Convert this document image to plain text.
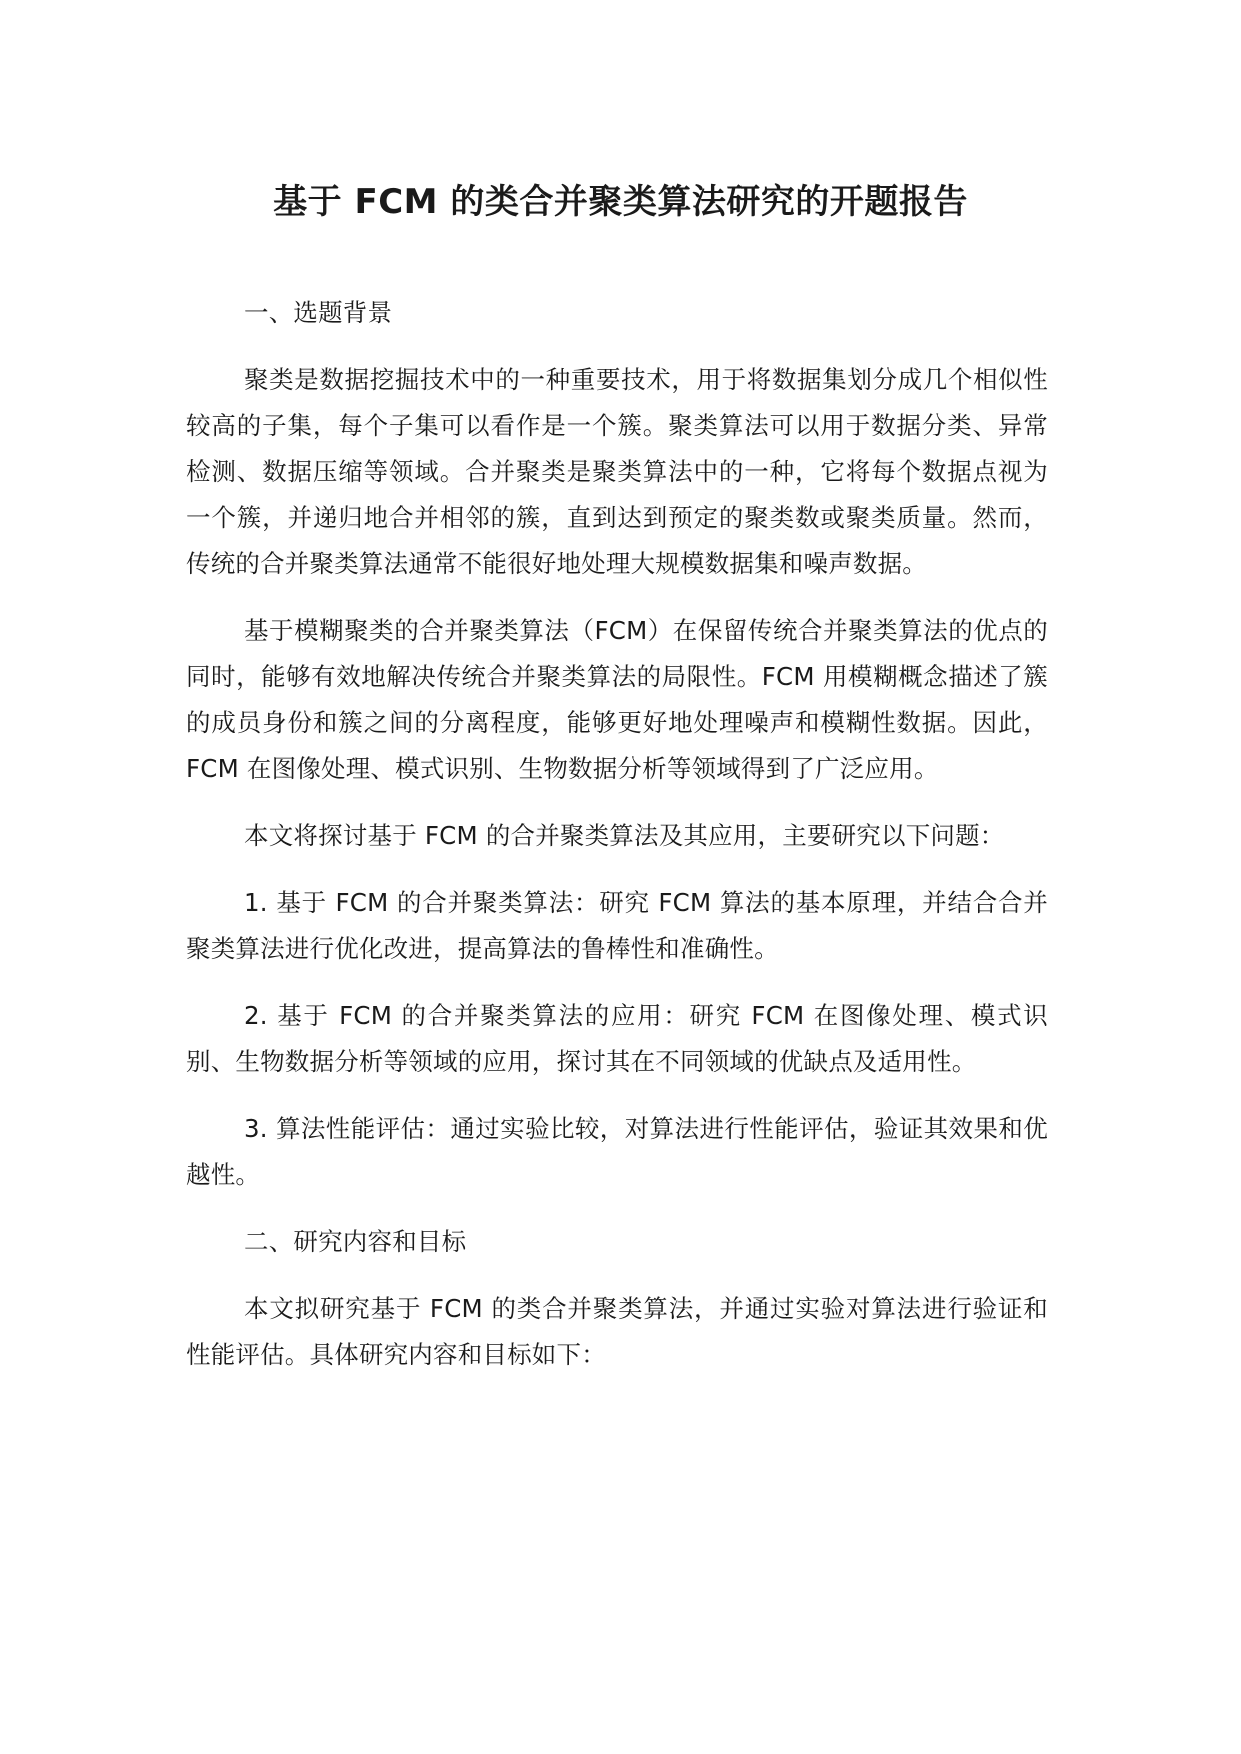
基于 FCM 的类合并聚类算法研究的开题报告

一、选题背景

聚类是数据挖掘技术中的一种重要技术，用于将数据集划分成几个相似性较高的子集，每个子集可以看作是一个簇。聚类算法可以用于数据分类、异常检测、数据压缩等领域。合并聚类是聚类算法中的一种，它将每个数据点视为一个簇，并递归地合并相邻的簇，直到达到预定的聚类数或聚类质量。然而，传统的合并聚类算法通常不能很好地处理大规模数据集和噪声数据。

基于模糊聚类的合并聚类算法（FCM）在保留传统合并聚类算法的优点的同时，能够有效地解决传统合并聚类算法的局限性。FCM 用模糊概念描述了簇的成员身份和簇之间的分离程度，能够更好地处理噪声和模糊性数据。因此，FCM 在图像处理、模式识别、生物数据分析等领域得到了广泛应用。

本文将探讨基于 FCM 的合并聚类算法及其应用，主要研究以下问题：

1. 基于 FCM 的合并聚类算法：研究 FCM 算法的基本原理，并结合合并聚类算法进行优化改进，提高算法的鲁棒性和准确性。

2. 基于 FCM 的合并聚类算法的应用：研究 FCM 在图像处理、模式识别、生物数据分析等领域的应用，探讨其在不同领域的优缺点及适用性。

3. 算法性能评估：通过实验比较，对算法进行性能评估，验证其效果和优越性。

二、研究内容和目标

本文拟研究基于 FCM 的类合并聚类算法，并通过实验对算法进行验证和性能评估。具体研究内容和目标如下：
